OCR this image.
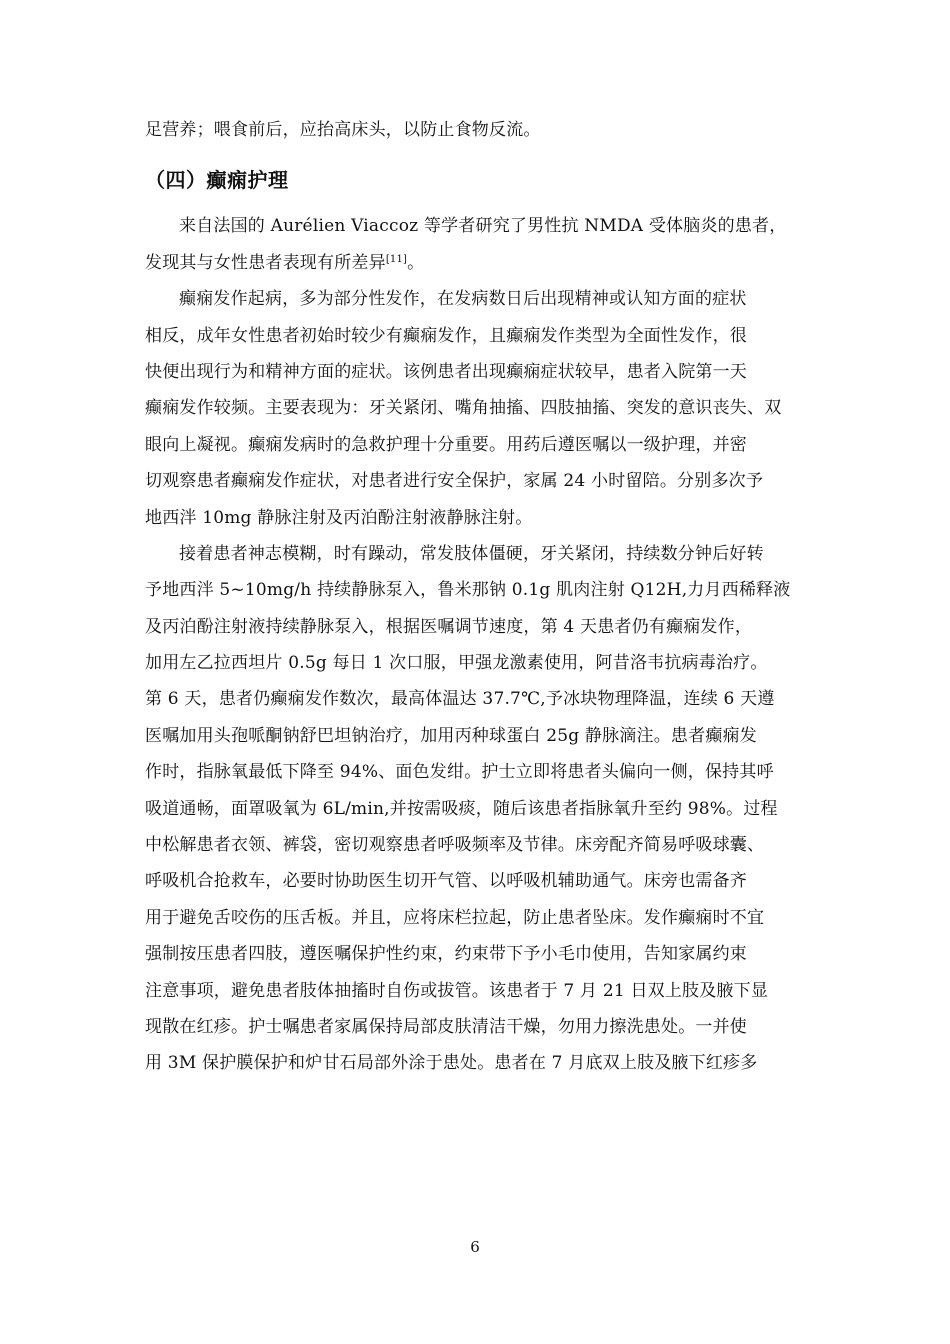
足营养；喂食前后，应抬高床头，以防止食物反流。
（四）癫痫护理
来自法国的 Aurélien Viaccoz 等学者研究了男性抗 NMDA 受体脑炎的患者，
发现其与女性患者表现有所差异[11]。
癫痫发作起病，多为部分性发作，在发病数日后出现精神或认知方面的症状
相反，成年女性患者初始时较少有癫痫发作，且癫痫发作类型为全面性发作，很
快便出现行为和精神方面的症状。该例患者出现癫痫症状较早，患者入院第一天
癫痫发作较频。主要表现为：牙关紧闭、嘴角抽搐、四肢抽搐、突发的意识丧失、双
眼向上凝视。癫痫发病时的急救护理十分重要。用药后遵医嘱以一级护理，并密
切观察患者癫痫发作症状，对患者进行安全保护，家属 24 小时留陪。分别多次予
地西泮 10mg 静脉注射及丙泊酚注射液静脉注射。
接着患者神志模糊，时有躁动，常发肢体僵硬，牙关紧闭，持续数分钟后好转
予地西泮 5~10mg/h 持续静脉泵入，鲁米那钠 0.1g 肌肉注射 Q12H,力月西稀释液
及丙泊酚注射液持续静脉泵入，根据医嘱调节速度，第 4 天患者仍有癫痫发作，
加用左乙拉西坦片 0.5g 每日 1 次口服，甲强龙激素使用，阿昔洛韦抗病毒治疗。
第 6 天，患者仍癫痫发作数次，最高体温达 37.7℃,予冰块物理降温，连续 6 天遵
医嘱加用头孢哌酮钠舒巴坦钠治疗，加用丙种球蛋白 25g 静脉滴注。患者癫痫发
作时，指脉氧最低下降至 94%、面色发绀。护士立即将患者头偏向一侧，保持其呼
吸道通畅，面罩吸氧为 6L/min,并按需吸痰，随后该患者指脉氧升至约 98%。过程
中松解患者衣领、裤袋，密切观察患者呼吸频率及节律。床旁配齐简易呼吸球囊、
呼吸机合抢救车，必要时协助医生切开气管、以呼吸机辅助通气。床旁也需备齐
用于避免舌咬伤的压舌板。并且，应将床栏拉起，防止患者坠床。发作癫痫时不宜
强制按压患者四肢，遵医嘱保护性约束，约束带下予小毛巾使用，告知家属约束
注意事项，避免患者肢体抽搐时自伤或拔管。该患者于 7 月 21 日双上肢及腋下显
现散在红疹。护士嘱患者家属保持局部皮肤清洁干燥，勿用力擦洗患处。一并使
用 3M 保护膜保护和炉甘石局部外涂于患处。患者在 7 月底双上肢及腋下红疹多
6
